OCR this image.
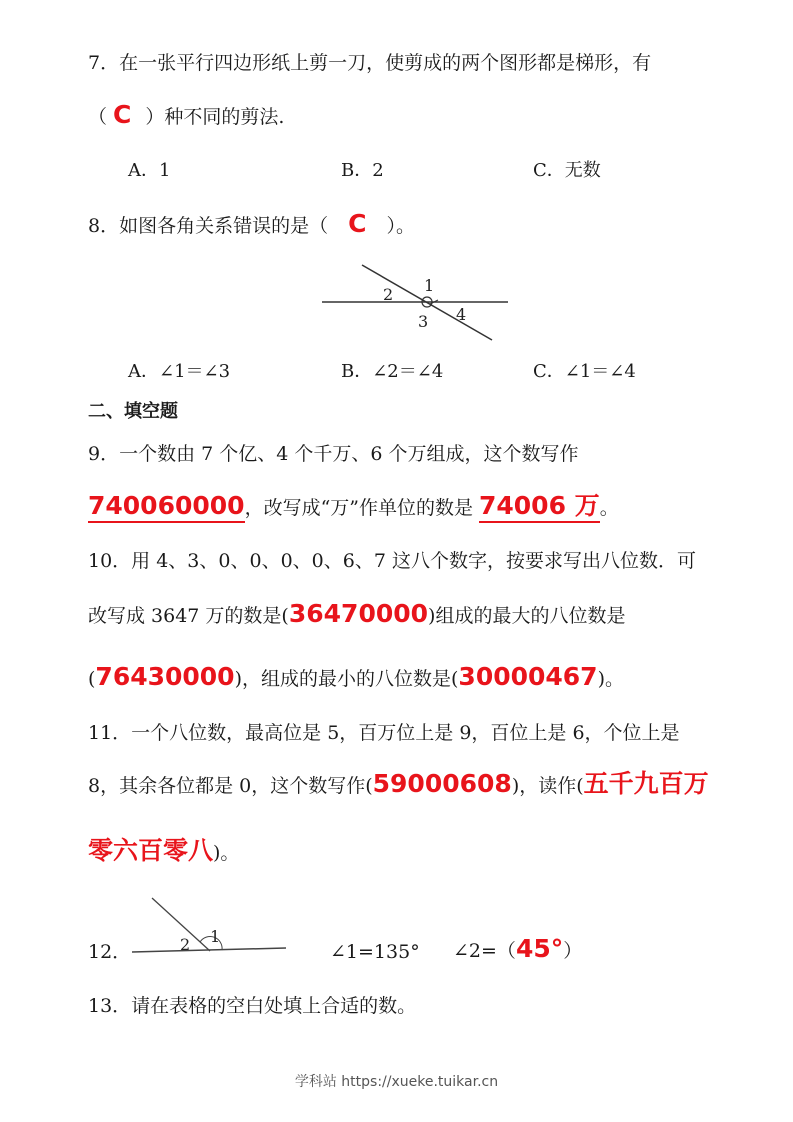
7．在一张平行四边形纸上剪一刀，使剪成的两个图形都是梯形，有
（ C ）种不同的剪法.
A．1	B．2	C．无数
8．如图各角关系错误的是（ C ）。
1
2
3 4
A．∠1＝∠3	B．∠2＝∠4	C．∠1＝∠4
二、填空题
9．一个数由 7 个亿、4 个千万、6 个万组成，这个数写作
740060000，改写成“万”作单位的数是 74006 万。
10．用 4、3、0、0、0、0、6、7 这八个数字，按要求写出八位数．可
改写成 3647 万的数是(36470000)组成的最大的八位数是
(76430000)，组成的最小的八位数是(30000467)。
11．一个八位数，最高位是 5，百万位上是 9，百位上是 6，个位上是
8，其余各位都是 0，这个数写作(59000608)，读作(五千九百万
零六百零八)。
12．	2 1
∠1=135° ∠2=（45°）
13．请在表格的空白处填上合适的数。
学科站 https://xueke.tuikar.cn
